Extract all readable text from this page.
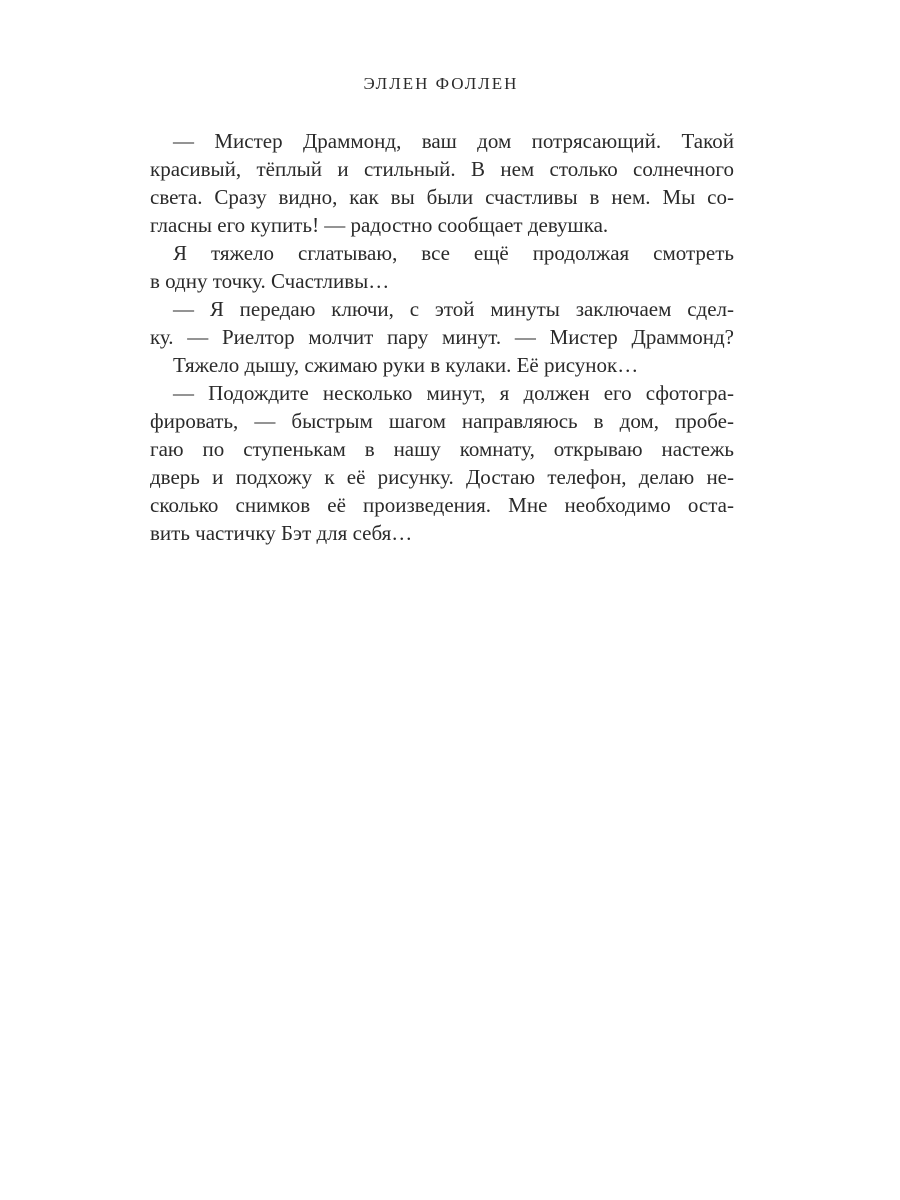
ЭЛЛЕН ФОЛЛЕН
— Мистер Драммонд, ваш дом потрясающий. Такой
красивый, тёплый и стильный. В нем столько солнечного
света. Сразу видно, как вы были счастливы в нем. Мы со-
гласны его купить! — радостно сообщает девушка.
Я тяжело сглатываю, все ещё продолжая смотреть
в одну точку. Счастливы…
— Я передаю ключи, с этой минуты заключаем сдел-
ку. — Риелтор молчит пару минут. — Мистер Драммонд?
Тяжело дышу, сжимаю руки в кулаки. Её рисунок…
— Подождите несколько минут, я должен его сфотогра-
фировать, — быстрым шагом направляюсь в дом, пробе-
гаю по ступенькам в нашу комнату, открываю настежь
дверь и подхожу к её рисунку. Достаю телефон, делаю не-
сколько снимков её произведения. Мне необходимо оста-
вить частичку Бэт для себя…
